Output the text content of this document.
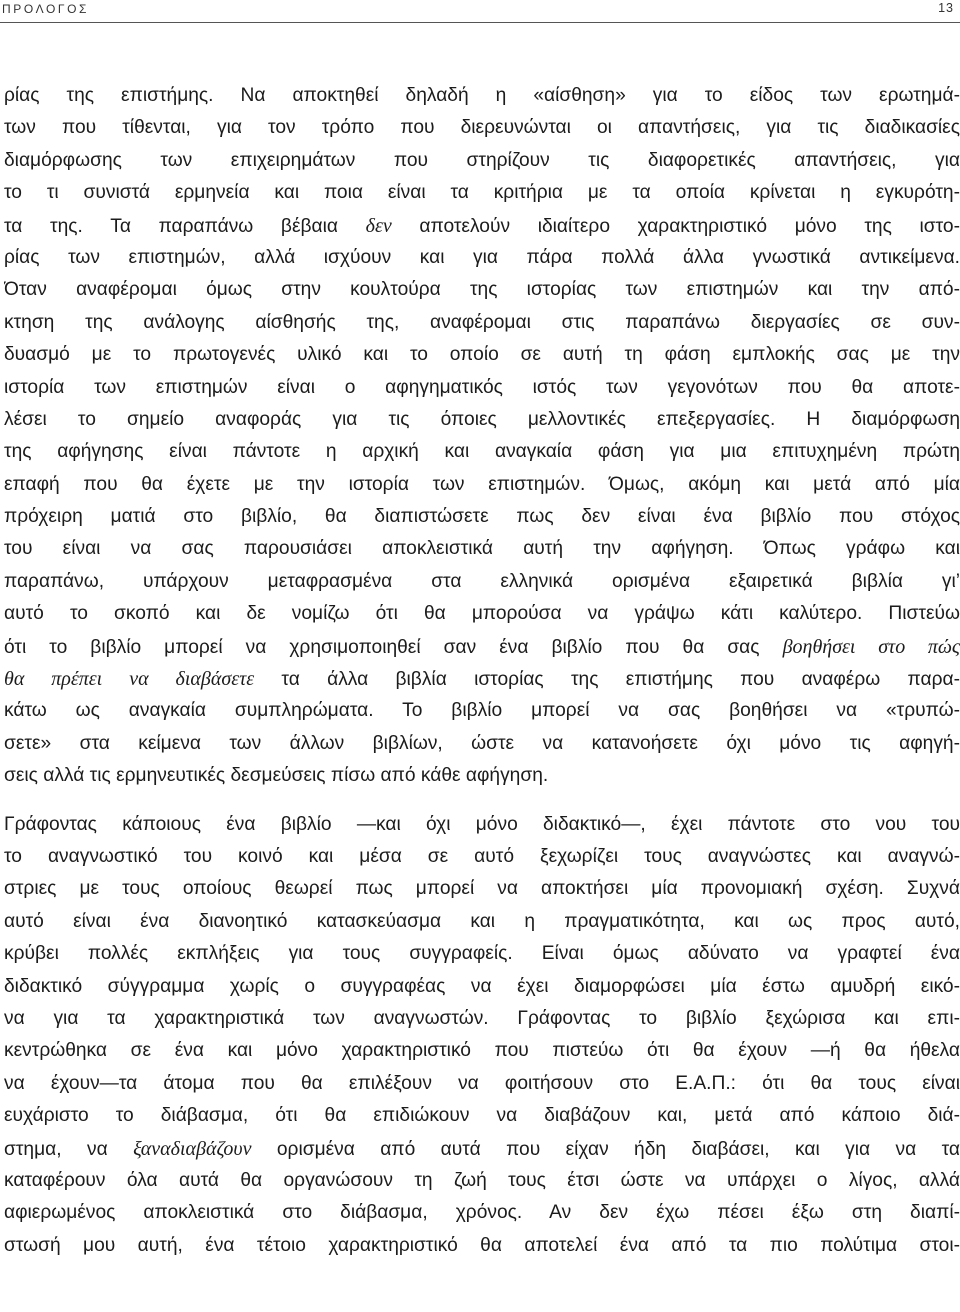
ΠΡΟΛΟΓΟΣ	13
ρίας της επιστήμης. Να αποκτηθεί δηλαδή η «αίσθηση» για το είδος των ερωτημά-
των που τίθενται, για τον τρόπο που διερευνώνται οι απαντήσεις, για τις διαδικασίες
διαμόρφωσης των επιχειρημάτων που στηρίζουν τις διαφορετικές απαντήσεις, για
το τι συνιστά ερμηνεία και ποια είναι τα κριτήρια με τα οποία κρίνεται η εγκυρότη-
τα της. Τα παραπάνω βέβαια δεν αποτελούν ιδιαίτερο χαρακτηριστικό μόνο της ιστο-
ρίας των επιστημών, αλλά ισχύουν και για πάρα πολλά άλλα γνωστικά αντικείμενα.
Όταν αναφέρομαι όμως στην κουλτούρα της ιστορίας των επιστημών και την από-
κτηση της ανάλογης αίσθησής της, αναφέρομαι στις παραπάνω διεργασίες σε συν-
δυασμό με το πρωτογενές υλικό και το οποίο σε αυτή τη φάση εμπλοκής σας με την
ιστορία των επιστημών είναι ο αφηγηματικός ιστός των γεγονότων που θα αποτε-
λέσει το σημείο αναφοράς για τις όποιες μελλοντικές επεξεργασίες. Η διαμόρφωση
της αφήγησης είναι πάντοτε η αρχική και αναγκαία φάση για μια επιτυχημένη πρώτη
επαφή που θα έχετε με την ιστορία των επιστημών. Όμως, ακόμη και μετά από μία
πρόχειρη ματιά στο βιβλίο, θα διαπιστώσετε πως δεν είναι ένα βιβλίο που στόχος
του είναι να σας παρουσιάσει αποκλειστικά αυτή την αφήγηση. Όπως γράφω και
παραπάνω, υπάρχουν μεταφρασμένα στα ελληνικά ορισμένα εξαιρετικά βιβλία γι’
αυτό το σκοπό και δε νομίζω ότι θα μπορούσα να γράψω κάτι καλύτερο. Πιστεύω
ότι το βιβλίο μπορεί να χρησιμοποιηθεί σαν ένα βιβλίο που θα σας βοηθήσει στο πώς
θα πρέπει να διαβάσετε τα άλλα βιβλία ιστορίας της επιστήμης που αναφέρω παρα-
κάτω ως αναγκαία συμπληρώματα. Το βιβλίο μπορεί να σας βοηθήσει να «τρυπώ-
σετε» στα κείμενα των άλλων βιβλίων, ώστε να κατανοήσετε όχι μόνο τις αφηγή-
σεις αλλά τις ερμηνευτικές δεσμεύσεις πίσω από κάθε αφήγηση.
Γράφοντας κάποιους ένα βιβλίο —και όχι μόνο διδακτικό—, έχει πάντοτε στο νου του
το αναγνωστικό του κοινό και μέσα σε αυτό ξεχωρίζει τους αναγνώστες και αναγνώ-
στριες με τους οποίους θεωρεί πως μπορεί να αποκτήσει μία προνομιακή σχέση. Συχνά
αυτό είναι ένα διανοητικό κατασκεύασμα και η πραγματικότητα, και ως προς αυτό,
κρύβει πολλές εκπλήξεις για τους συγγραφείς. Είναι όμως αδύνατο να γραφτεί ένα
διδακτικό σύγγραμμα χωρίς ο συγγραφέας να έχει διαμορφώσει μία έστω αμυδρή εικό-
να για τα χαρακτηριστικά των αναγνωστών. Γράφοντας το βιβλίο ξεχώρισα και επι-
κεντρώθηκα σε ένα και μόνο χαρακτηριστικό που πιστεύω ότι θα έχουν —ή θα ήθελα
να έχουν—τα άτομα που θα επιλέξουν να φοιτήσουν στο Ε.Α.Π.: ότι θα τους είναι
ευχάριστο το διάβασμα, ότι θα επιδιώκουν να διαβάζουν και, μετά από κάποιο διά-
στημα, να ξαναδιαβάζουν ορισμένα από αυτά που είχαν ήδη διαβάσει, και για να τα
καταφέρουν όλα αυτά θα οργανώσουν τη ζωή τους έτσι ώστε να υπάρχει ο λίγος, αλλά
αφιερωμένος αποκλειστικά στο διάβασμα, χρόνος. Αν δεν έχω πέσει έξω στη διαπί-
στωσή μου αυτή, ένα τέτοιο χαρακτηριστικό θα αποτελεί ένα από τα πιο πολύτιμα στοι-
